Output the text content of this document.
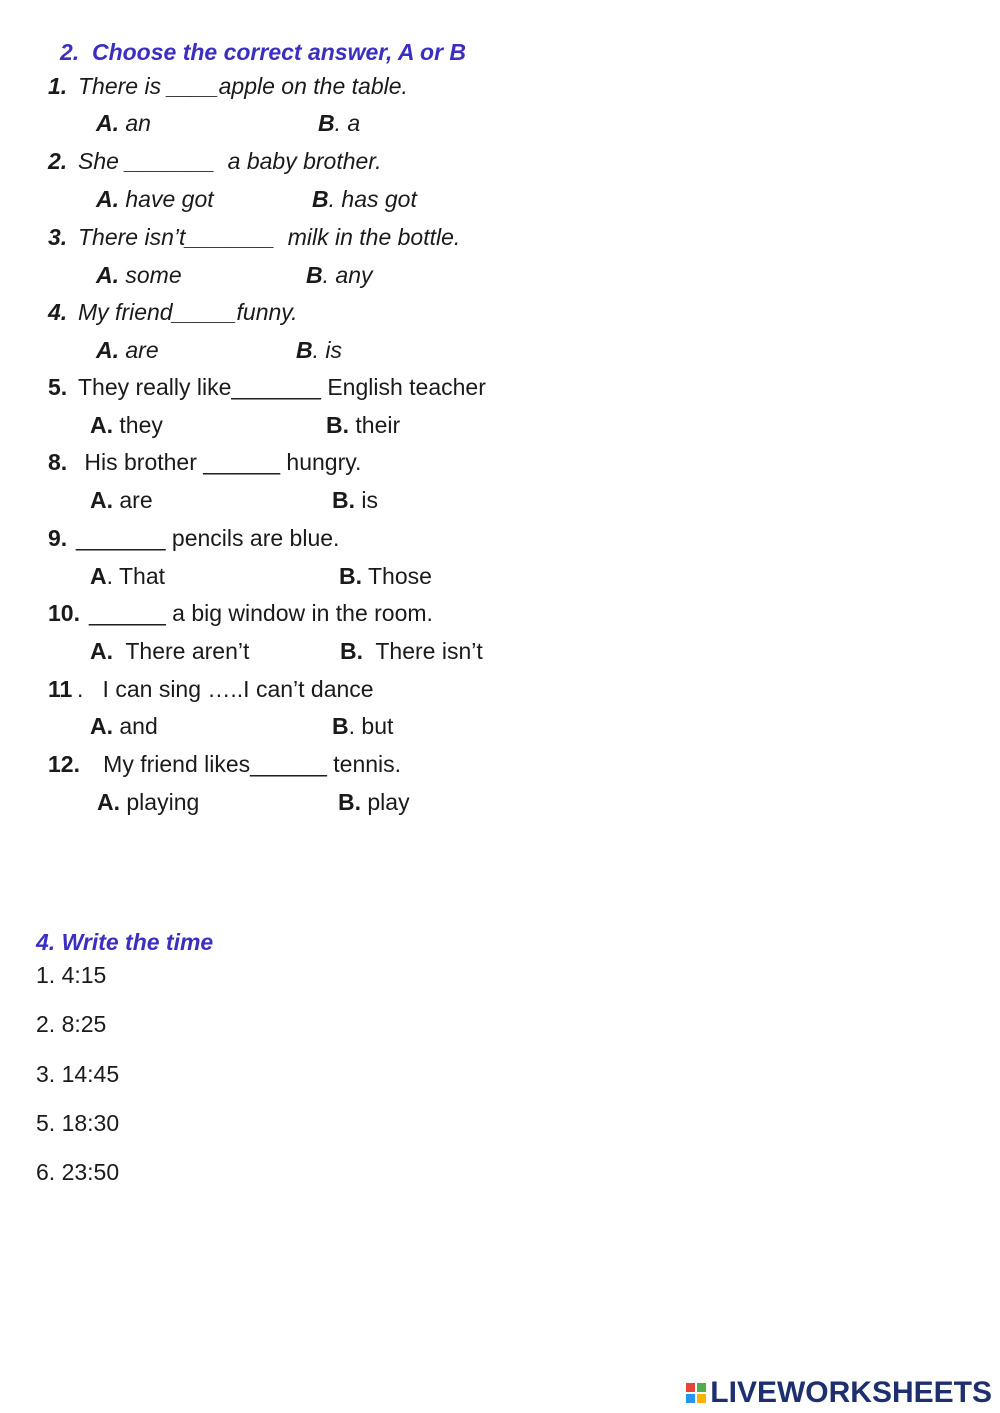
2.  Choose the correct answer, A or B
1. There is ____apple on the table.
A. an	B. a
2. She _______  a baby brother.
A. have got	B. has got
3. There isn’t_______  milk in the bottle.
A. some	B. any
4. My friend_____funny.
A. are	B. is
5. They really like_______ English teacher
A. they	B. their
8. His brother ______ hungry.
A. are	B. is
9. _______ pencils are blue.
A. That	B. Those
10. ______ a big window in the room.
A.  There aren’t	B.  There isn’t
11 .   I can sing …..I can’t dance
A. and	B. but
12. My friend likes______ tennis.
A. playing	B. play
4. Write the time
1. 4:15
2. 8:25
3. 14:45
5. 18:30
6. 23:50
LIVEWORKSHEETS
